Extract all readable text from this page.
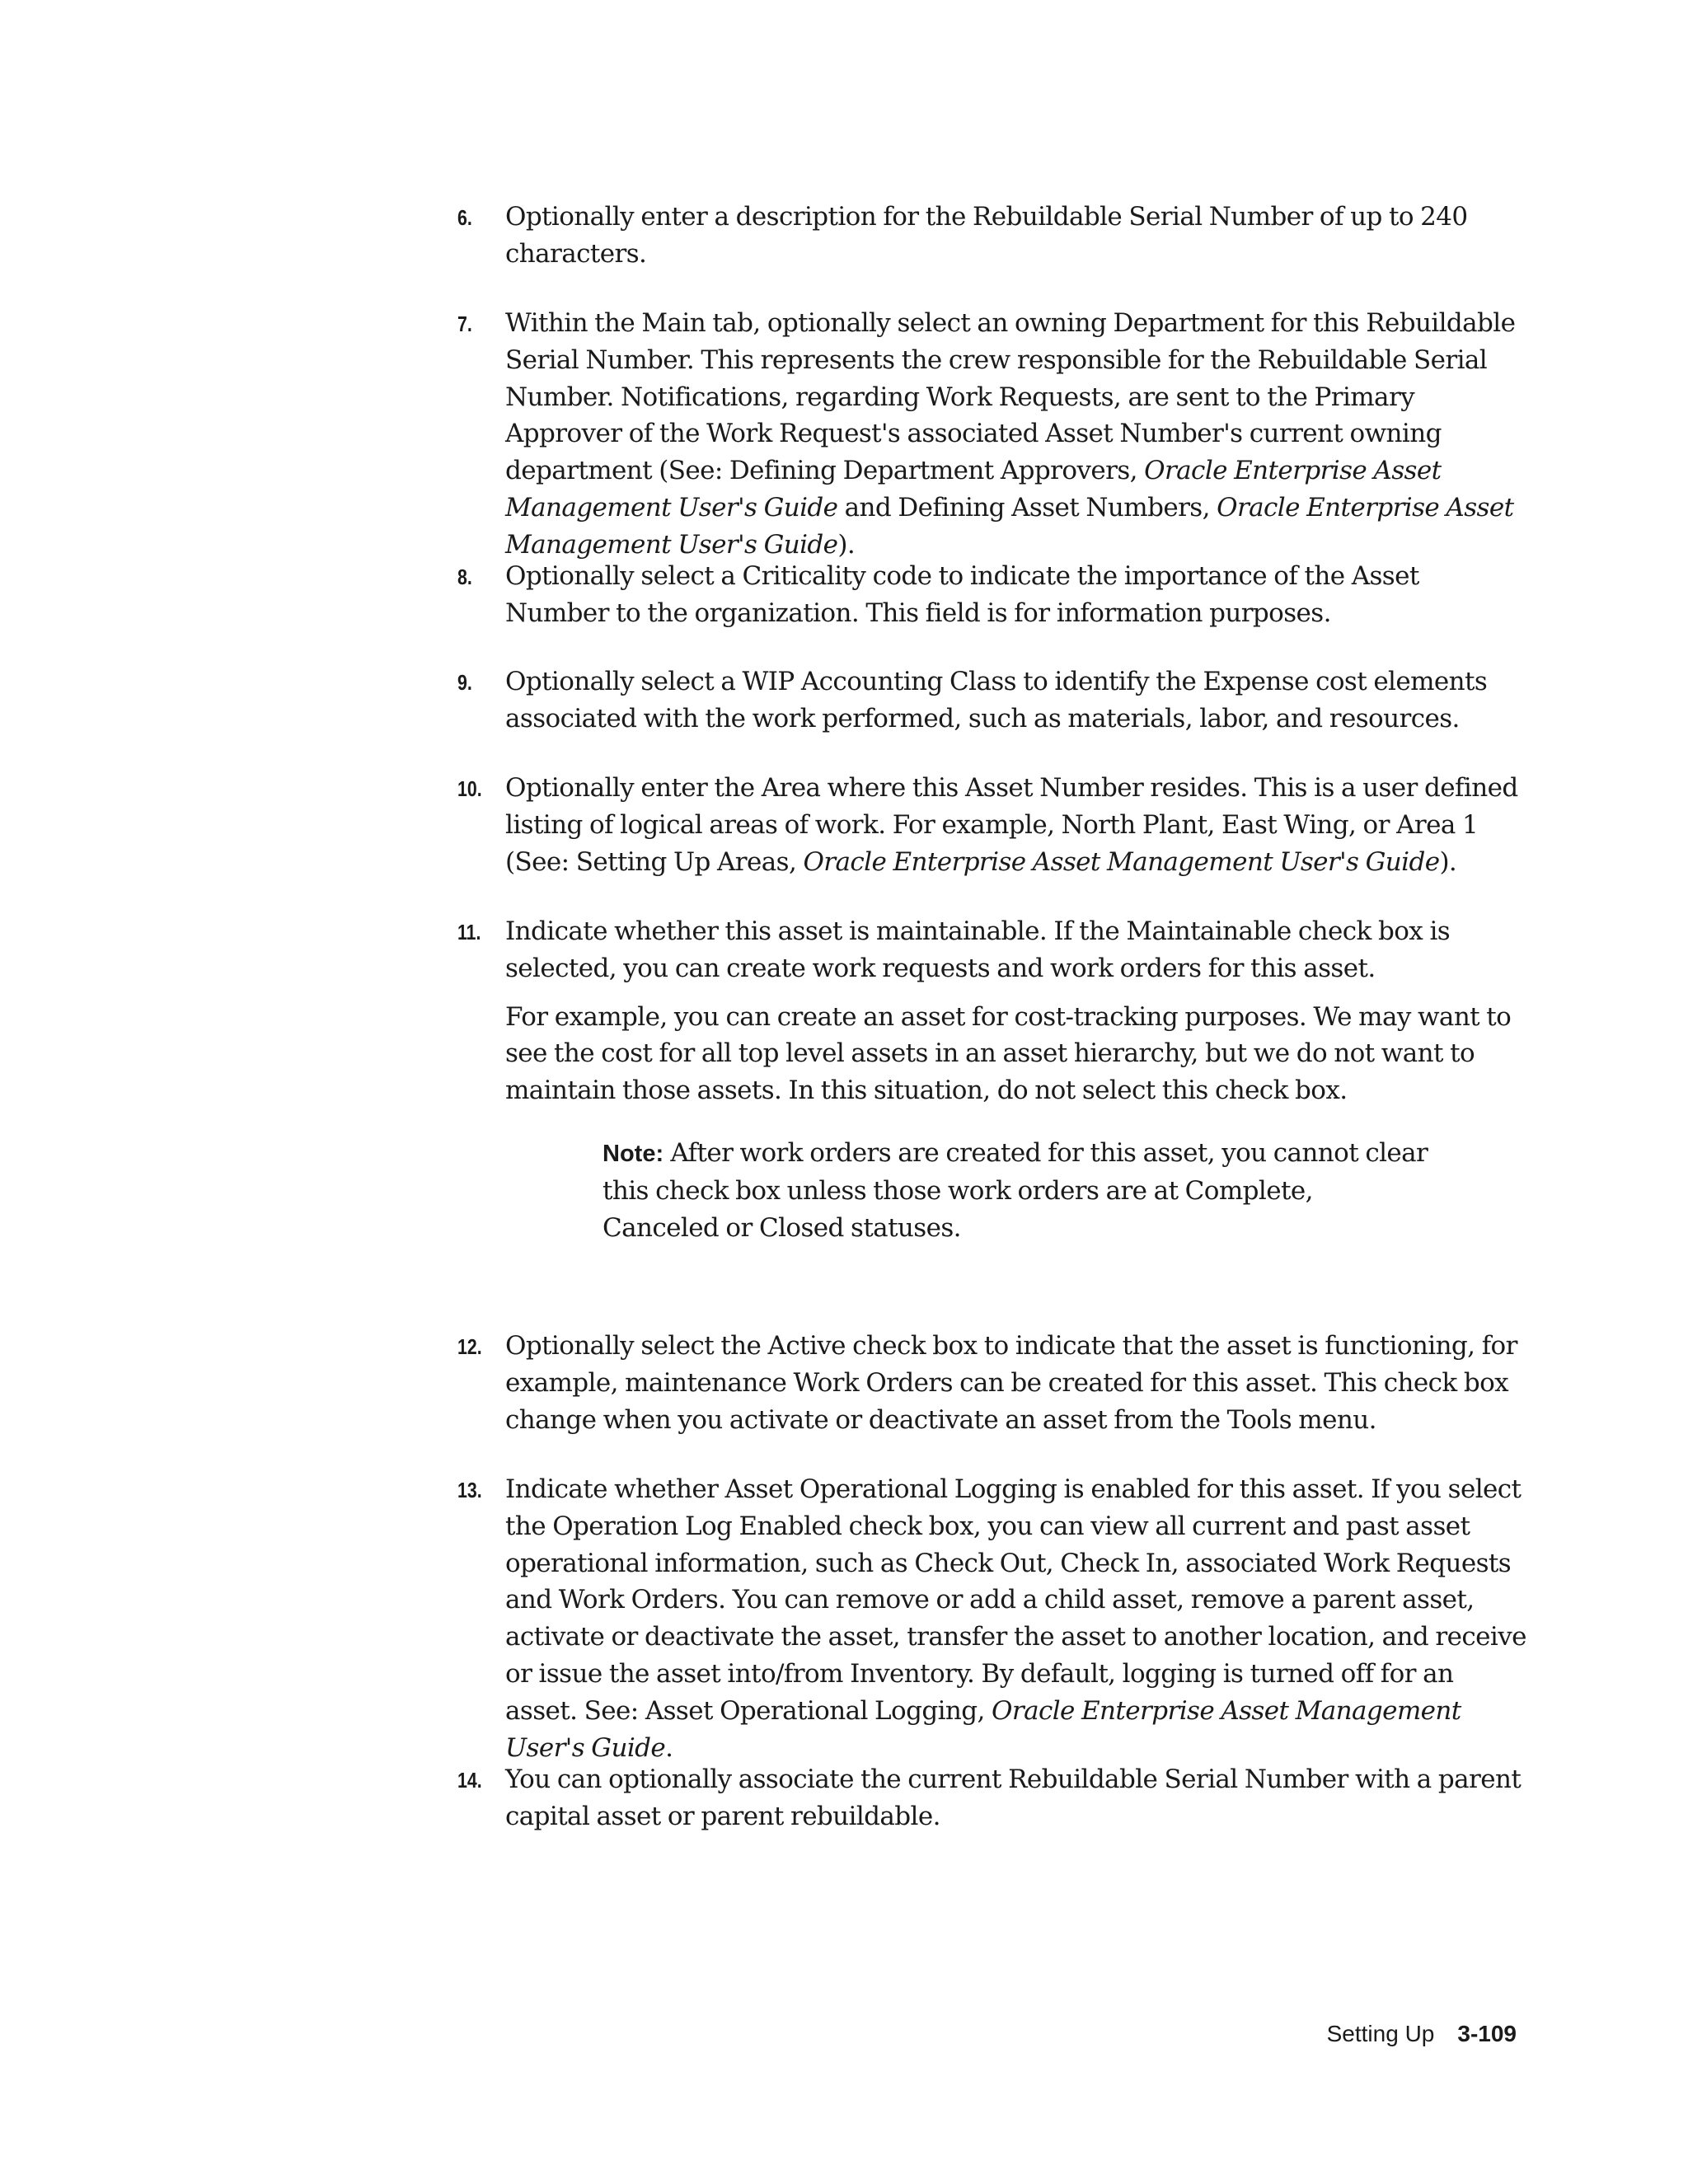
6. Optionally enter a description for the Rebuildable Serial Number of up to 240 characters.

7. Within the Main tab, optionally select an owning Department for this Rebuildable Serial Number. This represents the crew responsible for the Rebuildable Serial Number. Notifications, regarding Work Requests, are sent to the Primary Approver of the Work Request's associated Asset Number's current owning department (See: Defining Department Approvers, Oracle Enterprise Asset Management User's Guide and Defining Asset Numbers, Oracle Enterprise Asset Management User's Guide).

8. Optionally select a Criticality code to indicate the importance of the Asset Number to the organization. This field is for information purposes.

9. Optionally select a WIP Accounting Class to identify the Expense cost elements associated with the work performed, such as materials, labor, and resources.

10. Optionally enter the Area where this Asset Number resides. This is a user defined listing of logical areas of work. For example, North Plant, East Wing, or Area 1 (See: Setting Up Areas, Oracle Enterprise Asset Management User's Guide).

11. Indicate whether this asset is maintainable. If the Maintainable check box is selected, you can create work requests and work orders for this asset.

For example, you can create an asset for cost-tracking purposes. We may want to see the cost for all top level assets in an asset hierarchy, but we do not want to maintain those assets. In this situation, do not select this check box.

Note: After work orders are created for this asset, you cannot clear this check box unless those work orders are at Complete, Canceled or Closed statuses.
12. Optionally select the Active check box to indicate that the asset is functioning, for example, maintenance Work Orders can be created for this asset. This check box change when you activate or deactivate an asset from the Tools menu.

13. Indicate whether Asset Operational Logging is enabled for this asset. If you select the Operation Log Enabled check box, you can view all current and past asset operational information, such as Check Out, Check In, associated Work Requests and Work Orders. You can remove or add a child asset, remove a parent asset, activate or deactivate the asset, transfer the asset to another location, and receive or issue the asset into/from Inventory. By default, logging is turned off for an asset. See: Asset Operational Logging, Oracle Enterprise Asset Management User's Guide.

14. You can optionally associate the current Rebuildable Serial Number with a parent capital asset or parent rebuildable.

Setting Up 3-109
